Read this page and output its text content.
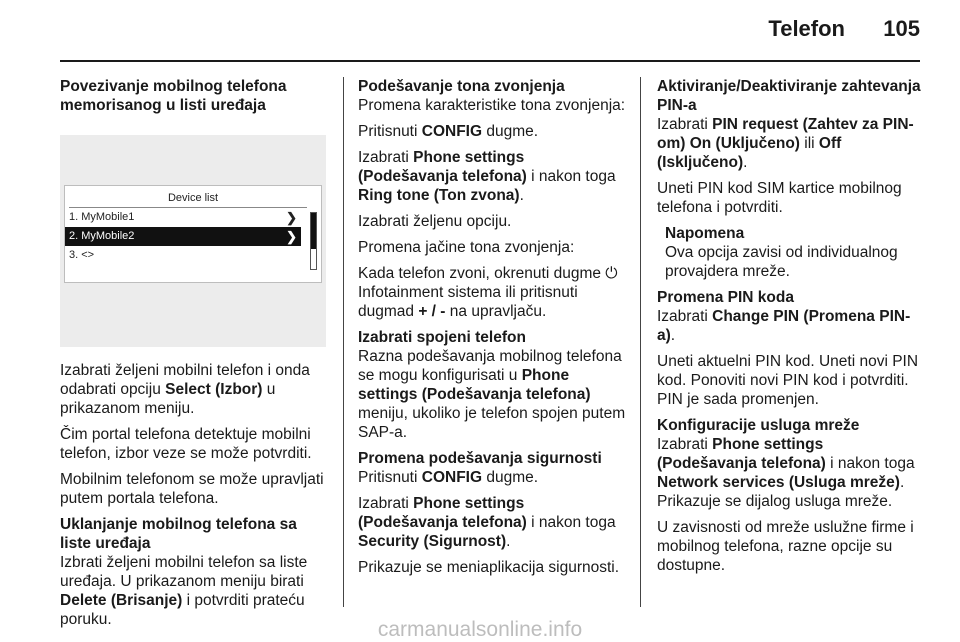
Telefon 105
Povezivanje mobilnog telefona memorisanog u listi uređaja
Device list
1. MyMobile1	❯
2. MyMobile2	❯
3. <>
Izabrati željeni mobilni telefon i onda odabrati opciju Select (Izbor) u prikazanom meniju.
Čim portal telefona detektuje mobilni telefon, izbor veze se može potvrditi.
Mobilnim telefonom se može upravljati putem portala telefona.
Uklanjanje mobilnog telefona sa liste uređaja
Izbrati željeni mobilni telefon sa liste uređaja. U prikazanom meniju birati Delete (Brisanje) i potvrditi prateću poruku.
Podešavanje tona zvonjenja
Promena karakteristike tona zvonjenja:
Pritisnuti CONFIG dugme.
Izabrati Phone settings (Podešavanja telefona) i nakon toga Ring tone (Ton zvona).
Izabrati željenu opciju.
Promena jačine tona zvonjenja:
Kada telefon zvoni, okrenuti dugme ⏻ Infotainment sistema ili pritisnuti dugmad + / - na upravljaču.
Izabrati spojeni telefon
Razna podešavanja mobilnog telefona se mogu konfigurisati u Phone settings (Podešavanja telefona) meniju, ukoliko je telefon spojen putem SAP-a.
Promena podešavanja sigurnosti
Pritisnuti CONFIG dugme.
Izabrati Phone settings (Podešavanja telefona) i nakon toga Security (Sigurnost).
Prikazuje se meniaplikacija sigurnosti.
Aktiviranje/Deaktiviranje zahtevanja PIN-a
Izabrati PIN request (Zahtev za PIN-om) On (Uključeno) ili Off (Isključeno).
Uneti PIN kod SIM kartice mobilnog telefona i potvrditi.
Napomena
Ova opcija zavisi od individualnog provajdera mreže.
Promena PIN koda
Izabrati Change PIN (Promena PIN-a).
Uneti aktuelni PIN kod. Uneti novi PIN kod. Ponoviti novi PIN kod i potvrditi. PIN je sada promenjen.
Konfiguracije usluga mreže
Izabrati Phone settings (Podešavanja telefona) i nakon toga Network services (Usluga mreže). Prikazuje se dijalog usluga mreže.
U zavisnosti od mreže uslužne firme i mobilnog telefona, razne opcije su dostupne.
carmanualsonline.info
